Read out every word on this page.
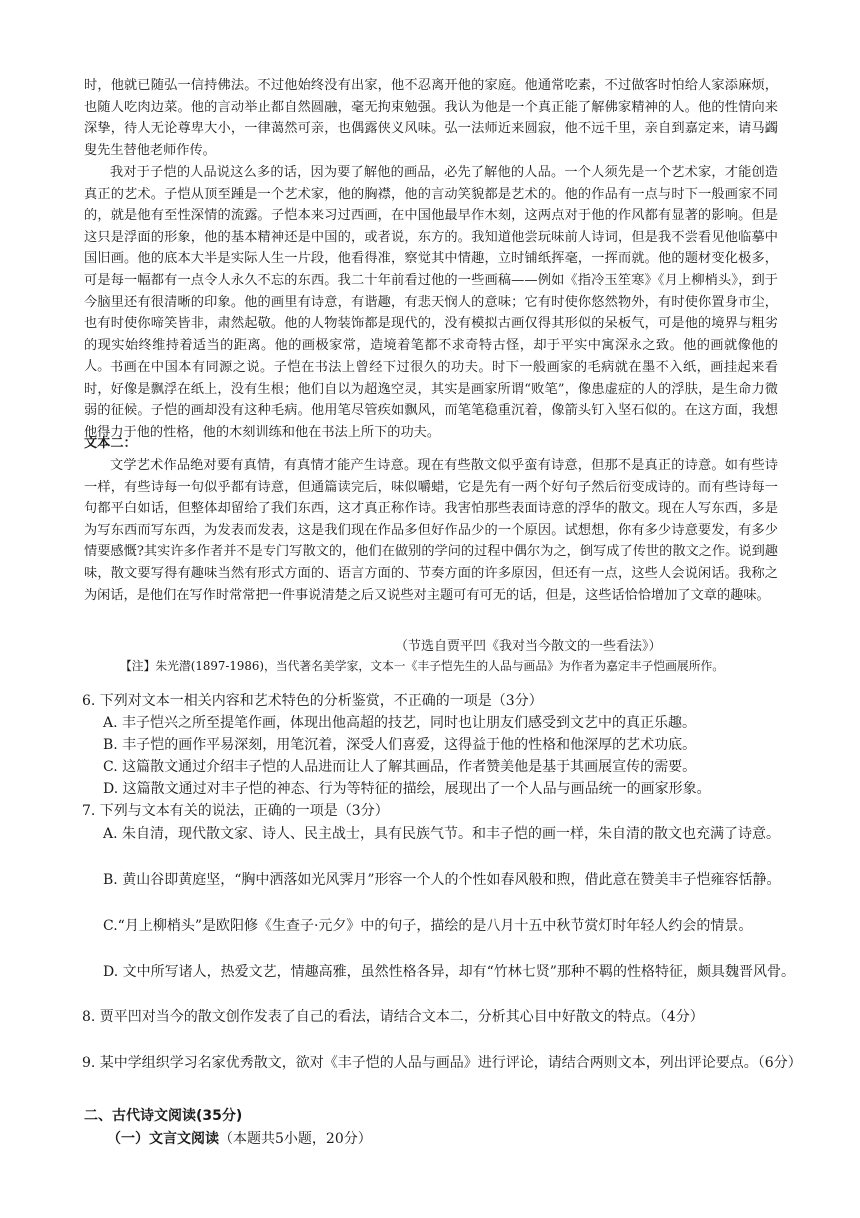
时，他就已随弘一信持佛法。不过他始终没有出家，他不忍离开他的家庭。他通常吃素，不过做客时怕给人家添麻烦，也随人吃肉边菜。他的言动举止都自然圆融，毫无拘束勉强。我认为他是一个真正能了解佛家精神的人。他的性情向来深挚，待人无论尊卑大小，一律蔼然可亲，也偶露侠义风味。弘一法师近来圆寂，他不远千里，亲自到嘉定来，请马蠲叟先生替他老师作传。

我对于子恺的人品说这么多的话，因为要了解他的画品，必先了解他的人品。一个人须先是一个艺术家，才能创造真正的艺术。子恺从顶至踵是一个艺术家，他的胸襟，他的言动笑貌都是艺术的。他的作品有一点与时下一般画家不同的，就是他有至性深情的流露。子恺本来习过西画，在中国他最早作木刻，这两点对于他的作风都有显著的影响。但是这只是浮面的形象，他的基本精神还是中国的，或者说，东方的。我知道他尝玩味前人诗词，但是我不尝看见他临摹中国旧画。他的底本大半是实际人生一片段，他看得准，察觉其中情趣，立时铺纸挥毫，一挥而就。他的题材变化极多，可是每一幅都有一点令人永久不忘的东西。我二十年前看过他的一些画稿——例如《指冷玉笙寒》《月上柳梢头》，到于今脑里还有很清晰的印象。他的画里有诗意，有谐趣，有悲天悯人的意味；它有时使你悠然物外，有时使你置身市尘，也有时使你啼笑皆非，肃然起敬。他的人物装饰都是现代的，没有模拟古画仅得其形似的呆板气，可是他的境界与粗劣的现实始终维持着适当的距离。他的画极家常，造境着笔都不求奇特古怪，却于平实中寓深永之致。他的画就像他的人。 书画在中国本有同源之说。子恺在书法上曾经下过很久的功夫。时下一般画家的毛病就在墨不入纸，画挂起来看时，好像是飘浮在纸上，没有生根；他们自以为超逸空灵，其实是画家所谓“败笔”，像患虚症的人的浮肤，是生命力微弱的征候。子恺的画却没有这种毛病。他用笔尽管疾如飘风，而笔笔稳重沉着，像箭头钉入坚石似的。在这方面，我想他得力于他的性格，他的木刻训练和他在书法上所下的功夫。

文本二：

文学艺术作品绝对要有真情，有真情才能产生诗意。现在有些散文似乎蛮有诗意，但那不是真正的诗意。如有些诗一样，有些诗每一句似乎都有诗意，但通篇读完后，味似嚼蜡，它是先有一两个好句子然后衍变成诗的。而有些诗每一句都平白如话，但整体却留给了我们东西，这才真正称作诗。我害怕那些表面诗意的浮华的散文。现在人写东西，多是为写东西而写东西，为发表而发表，这是我们现在作品多但好作品少的一个原因。试想想，你有多少诗意要发，有多少情要感慨?其实许多作者并不是专门写散文的，他们在做别的学问的过程中偶尔为之，倒写成了传世的散文之作。说到趣味，散文要写得有趣味当然有形式方面的、语言方面的、节奏方面的许多原因，但还有一点，这些人会说闲话。我称之为闲话，是他们在写作时常常把一件事说清楚之后又说些对主题可有可无的话，但是，这些话恰恰增加了文章的趣味。

（节选自贾平凹《我对当今散文的一些看法》）

【注】朱光潜(1897-1986)，当代著名美学家，文本一《丰子恺先生的人品与画品》为作者为嘉定丰子恺画展所作。

6. 下列对文本一相关内容和艺术特色的分析鉴赏，不正确的一项是（3分）

A. 丰子恺兴之所至提笔作画，体现出他高超的技艺，同时也让朋友们感受到文艺中的真正乐趣。

B. 丰子恺的画作平易深刻，用笔沉着，深受人们喜爱，这得益于他的性格和他深厚的艺术功底。

C. 这篇散文通过介绍丰子恺的人品进而让人了解其画品，作者赞美他是基于其画展宣传的需要。

D. 这篇散文通过对丰子恺的神态、行为等特征的描绘，展现出了一个人品与画品统一的画家形象。

7. 下列与文本有关的说法，正确的一项是（3分）

A. 朱自清，现代散文家、诗人、民主战士，具有民族气节。和丰子恺的画一样，朱自清的散文也充满了诗意。

B. 黄山谷即黄庭坚，“胸中洒落如光风霁月”形容一个人的个性如春风般和煦，借此意在赞美丰子恺雍容恬静。

C.“月上柳梢头”是欧阳修《生查子·元夕》中的句子，描绘的是八月十五中秋节赏灯时年轻人约会的情景。

D. 文中所写诸人，热爱文艺，情趣高雅，虽然性格各异，却有“竹林七贤”那种不羁的性格特征，颇具魏晋风骨。

8. 贾平凹对当今的散文创作发表了自己的看法，请结合文本二，分析其心目中好散文的特点。（4分）

9. 某中学组织学习名家优秀散文，欲对《丰子恺的人品与画品》进行评论，请结合两则文本，列出评论要点。（6分）

二、古代诗文阅读(35分)

（一）文言文阅读（本题共5小题，20分）
